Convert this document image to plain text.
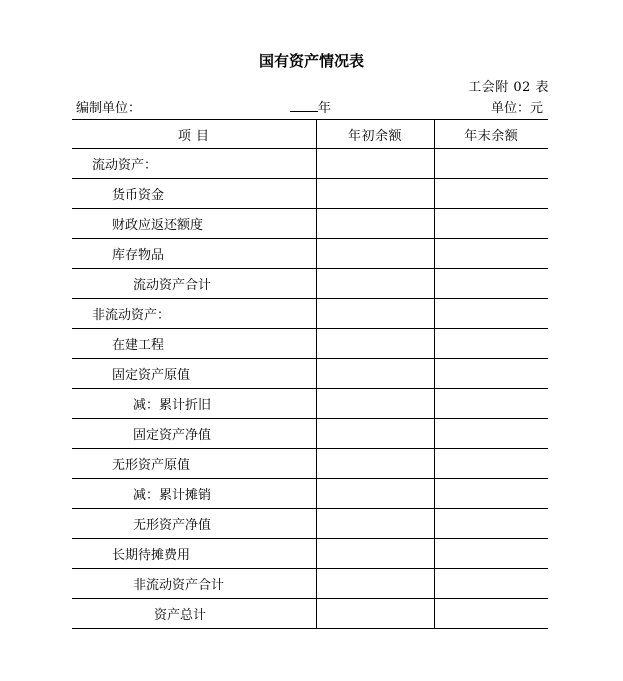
国有资产情况表
工会附 02 表
编制单位：	年	单位：元
项 目	年初余额	年末余额
流动资产：		
货币资金		
财政应返还额度		
库存物品		
流动资产合计		
非流动资产：		
在建工程		
固定资产原值		
减：累计折旧		
固定资产净值		
无形资产原值		
减：累计摊销		
无形资产净值		
长期待摊费用		
非流动资产合计		
资产总计		
